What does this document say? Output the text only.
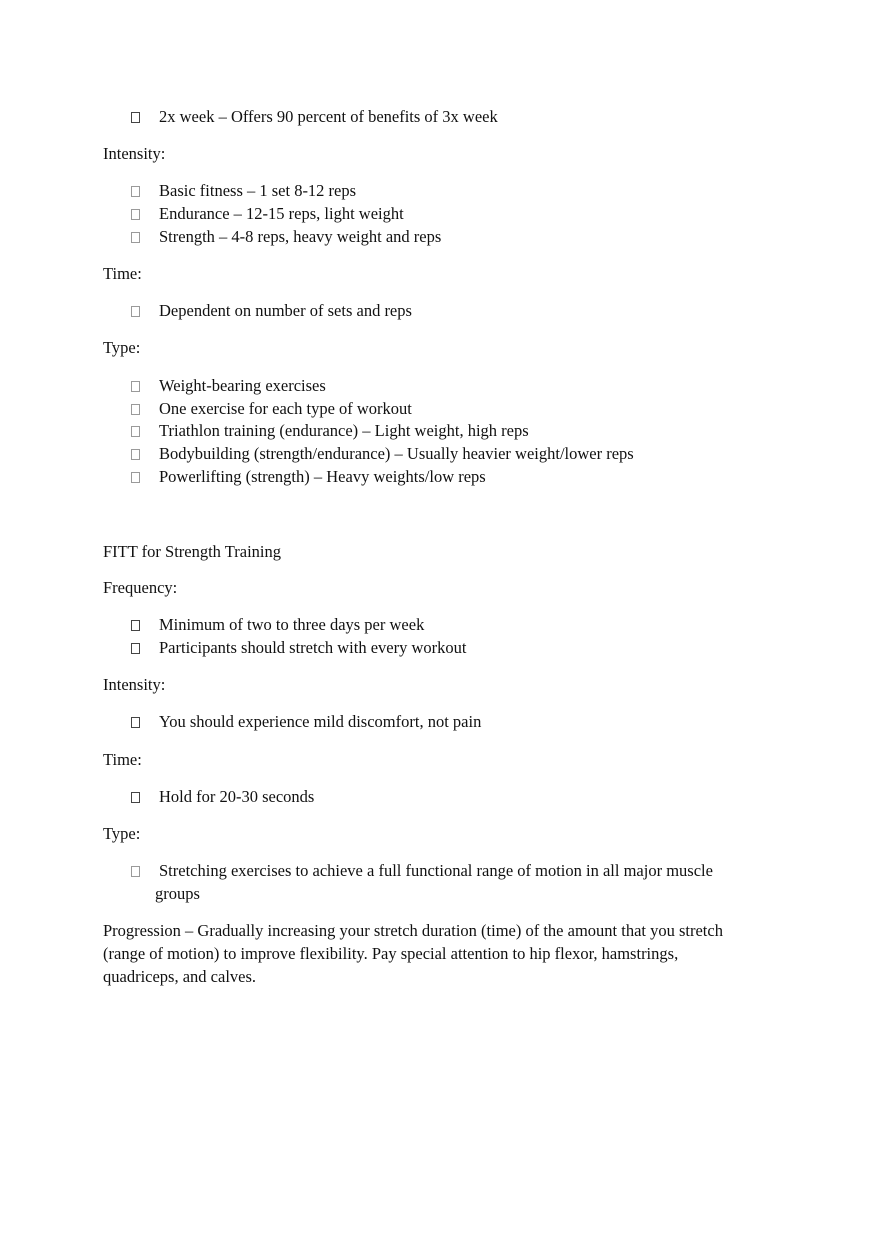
2x week – Offers 90 percent of benefits of 3x week
Intensity:
Basic fitness – 1 set 8-12 reps
Endurance – 12-15 reps, light weight
Strength – 4-8 reps, heavy weight and reps
Time:
Dependent on number of sets and reps
Type:
Weight-bearing exercises
One exercise for each type of workout
Triathlon training (endurance) – Light weight, high reps
Bodybuilding (strength/endurance) – Usually heavier weight/lower reps
Powerlifting (strength) – Heavy weights/low reps
FITT for Strength Training
Frequency:
Minimum of two to three days per week
Participants should stretch with every workout
Intensity:
You should experience mild discomfort, not pain
Time:
Hold for 20-30 seconds
Type:
Stretching exercises to achieve a full functional range of motion in all major muscle
groups
Progression – Gradually increasing your stretch duration (time) of the amount that you stretch
(range of motion) to improve flexibility. Pay special attention to hip flexor, hamstrings,
quadriceps, and calves.
